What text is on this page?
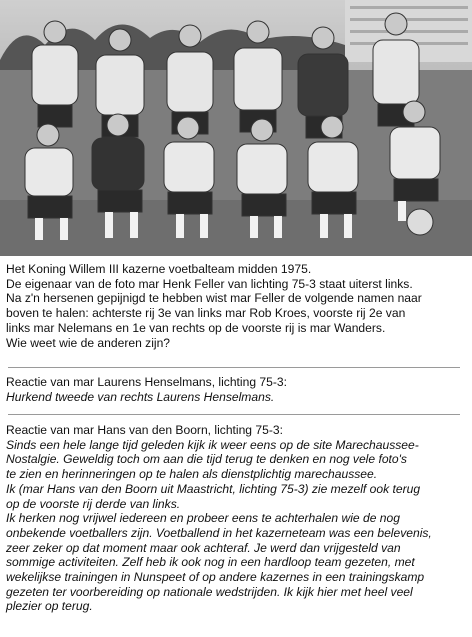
Het Koning Willem III kazerne voetbalteam midden 1975.
De eigenaar van de foto mar Henk Feller van lichting 75-3 staat uiterst links.
Na z'n hersenen gepijnigd te hebben wist mar Feller de volgende namen naar
boven te halen: achterste rij 3e van links mar Rob Kroes, voorste rij 2e van
links mar Nelemans en 1e van rechts op de voorste rij is mar Wanders.
Wie weet wie de anderen zijn?
Reactie van mar Laurens Henselmans, lichting 75-3:
Hurkend tweede van rechts Laurens Henselmans.
Reactie van mar Hans van den Boorn, lichting 75-3:
Sinds een hele lange tijd geleden kijk ik weer eens op de site Marechaussee-
Nostalgie. Geweldig toch om aan die tijd terug te denken en nog vele foto's
te zien en herinneringen op te halen als dienstplichtig marechaussee.
Ik (mar Hans van den Boorn uit Maastricht, lichting 75-3) zie mezelf ook terug
op de voorste rij derde van links.
Ik herken nog vrijwel iedereen en probeer eens te achterhalen wie de nog
onbekende voetballers zijn. Voetballend in het kazerneteam was een belevenis,
zeer zeker op dat moment maar ook achteraf. Je werd dan vrijgesteld van
sommige activiteiten. Zelf heb ik ook nog in een hardloop team gezeten, met
wekelijkse trainingen in Nunspeet of op andere kazernes in een trainingskamp
gezeten ter voorbereiding op nationale wedstrijden. Ik kijk hier met heel veel
plezier op terug.
